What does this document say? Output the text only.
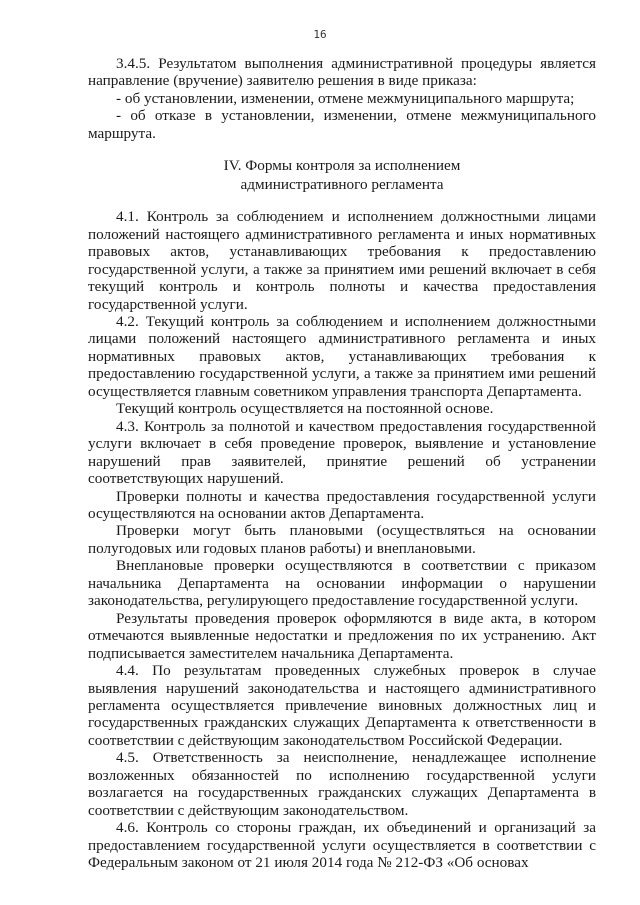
16

3.4.5. Результатом выполнения административной процедуры является направление (вручение) заявителю решения в виде приказа:

- об установлении, изменении, отмене межмуниципального маршрута;

- об отказе в установлении, изменении, отмене межмуниципального маршрута.

IV. Формы контроля за исполнением
административного регламента

4.1. Контроль за соблюдением и исполнением должностными лицами положений настоящего административного регламента и иных нормативных правовых актов, устанавливающих требования к предоставлению государственной услуги, а также за принятием ими решений включает в себя текущий контроль и контроль полноты и качества предоставления государственной услуги.

4.2. Текущий контроль за соблюдением и исполнением должностными лицами положений настоящего административного регламента и иных нормативных правовых актов, устанавливающих требования к предоставлению государственной услуги, а также за принятием ими решений осуществляется главным советником управления транспорта Департамента.

Текущий контроль осуществляется на постоянной основе.

4.3. Контроль за полнотой и качеством предоставления государственной услуги включает в себя проведение проверок, выявление и установление нарушений прав заявителей, принятие решений об устранении соответствующих нарушений.

Проверки полноты и качества предоставления государственной услуги осуществляются на основании актов Департамента.

Проверки могут быть плановыми (осуществляться на основании полугодовых или годовых планов работы) и внеплановыми.

Внеплановые проверки осуществляются в соответствии с приказом начальника Департамента на основании информации о нарушении законодательства, регулирующего предоставление государственной услуги.

Результаты проведения проверок оформляются в виде акта, в котором отмечаются выявленные недостатки и предложения по их устранению. Акт подписывается заместителем начальника Департамента.

4.4. По результатам проведенных служебных проверок в случае выявления нарушений законодательства и настоящего административного регламента осуществляется привлечение виновных должностных лиц и государственных гражданских служащих Департамента к ответственности в соответствии с действующим законодательством Российской Федерации.

4.5. Ответственность за неисполнение, ненадлежащее исполнение возложенных обязанностей по исполнению государственной услуги возлагается на государственных гражданских служащих Департамента в соответствии с действующим законодательством.

4.6. Контроль со стороны граждан, их объединений и организаций за предоставлением государственной услуги осуществляется в соответствии с Федеральным законом от 21 июля 2014 года № 212-ФЗ «Об основах
